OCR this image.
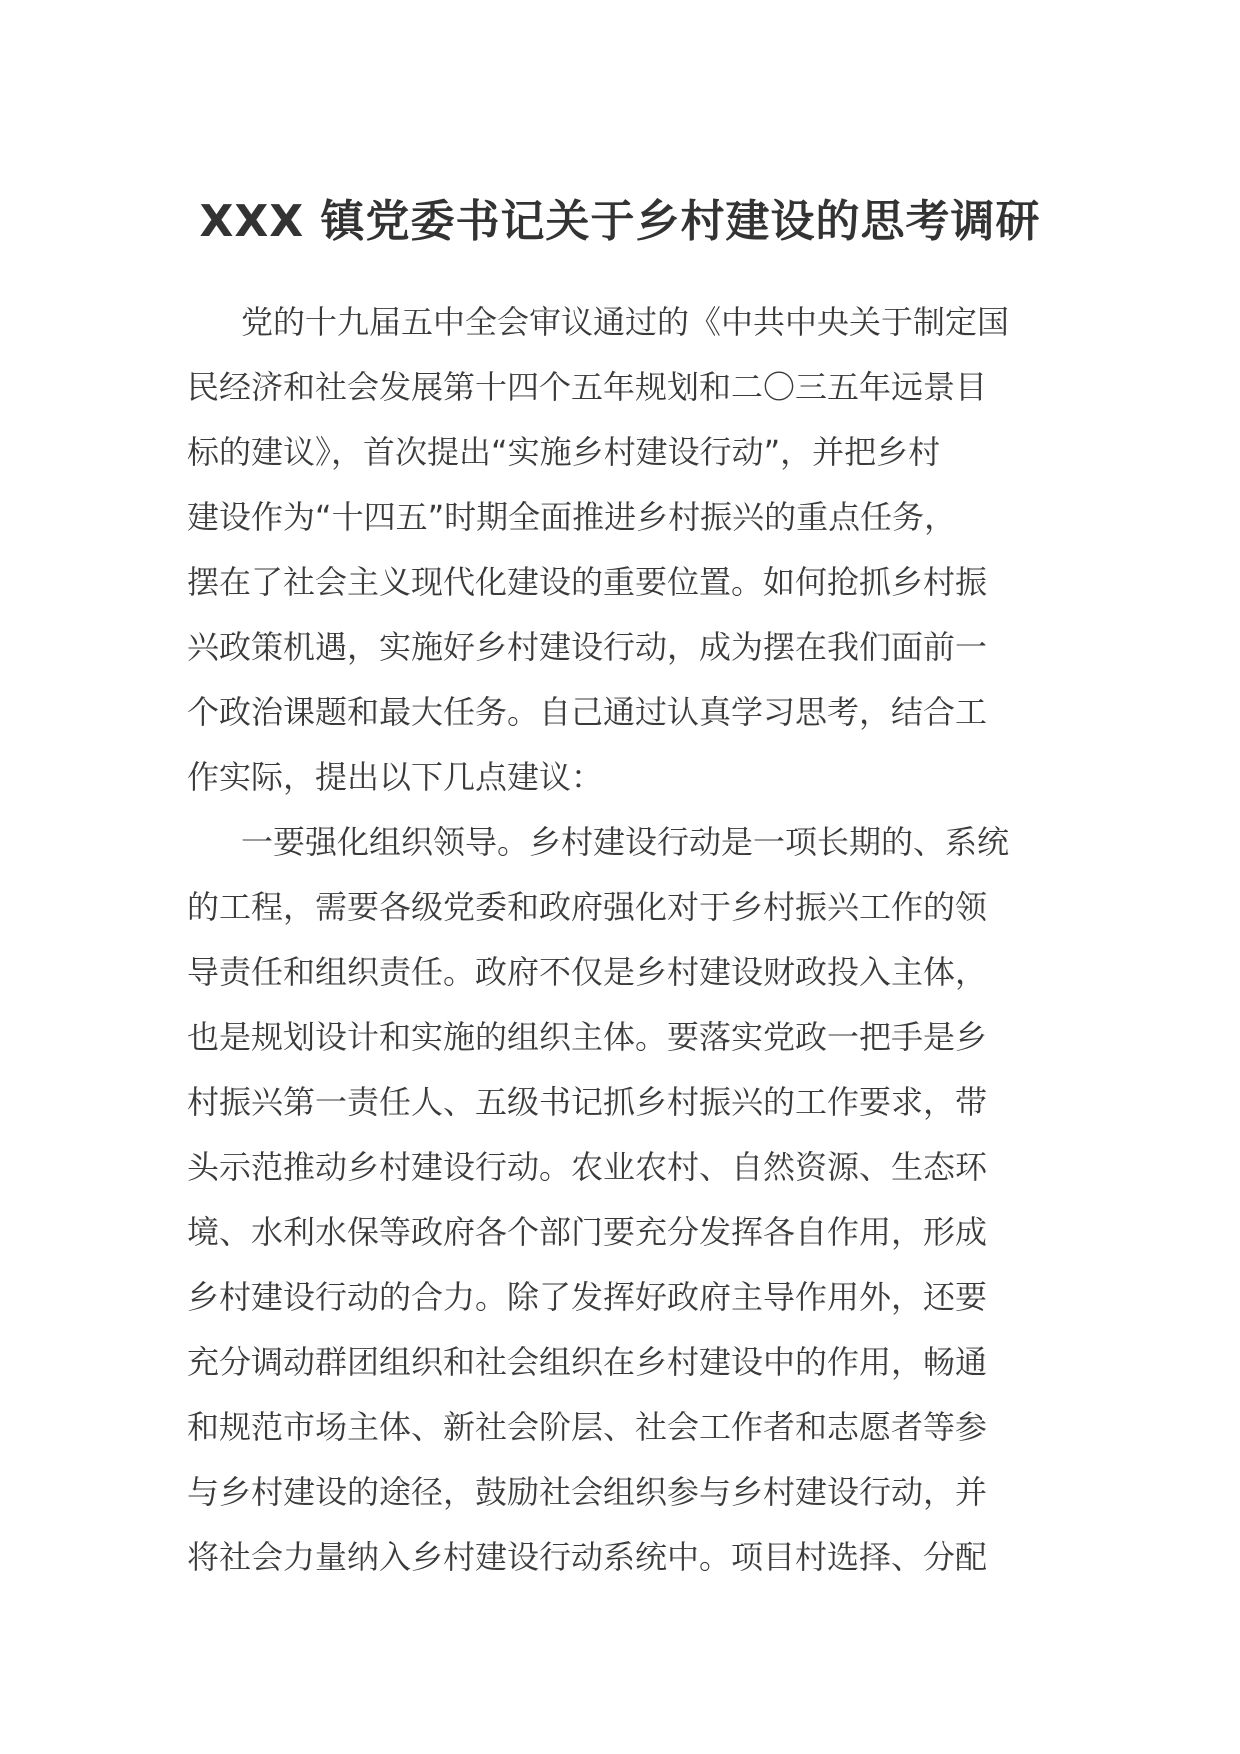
XXX 镇党委书记关于乡村建设的思考调研
党的十九届五中全会审议通过的《中共中央关于制定国
民经济和社会发展第十四个五年规划和二〇三五年远景目
标的建议》，首次提出“实施乡村建设行动”，并把乡村
建设作为“十四五”时期全面推进乡村振兴的重点任务，
摆在了社会主义现代化建设的重要位置。如何抢抓乡村振
兴政策机遇，实施好乡村建设行动，成为摆在我们面前一
个政治课题和最大任务。自己通过认真学习思考，结合工
作实际，提出以下几点建议：
一要强化组织领导。乡村建设行动是一项长期的、系统
的工程，需要各级党委和政府强化对于乡村振兴工作的领
导责任和组织责任。政府不仅是乡村建设财政投入主体，
也是规划设计和实施的组织主体。要落实党政一把手是乡
村振兴第一责任人、五级书记抓乡村振兴的工作要求，带
头示范推动乡村建设行动。农业农村、自然资源、生态环
境、水利水保等政府各个部门要充分发挥各自作用，形成
乡村建设行动的合力。除了发挥好政府主导作用外，还要
充分调动群团组织和社会组织在乡村建设中的作用，畅通
和规范市场主体、新社会阶层、社会工作者和志愿者等参
与乡村建设的途径，鼓励社会组织参与乡村建设行动，并
将社会力量纳入乡村建设行动系统中。项目村选择、分配
